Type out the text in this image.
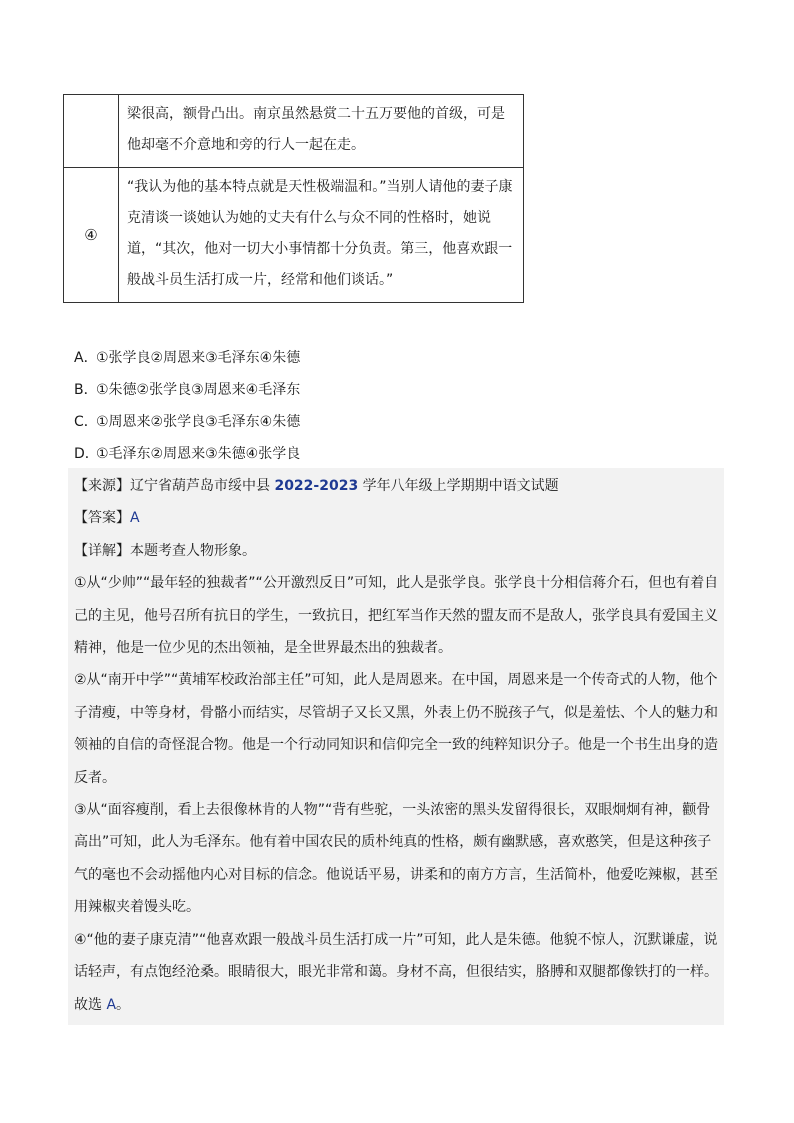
	梁很高，额骨凸出。南京虽然悬赏二十五万要他的首级，可是他却毫不介意地和旁的行人一起在走。
④	“我认为他的基本特点就是天性极端温和。”当别人请他的妻子康克清谈一谈她认为她的丈夫有什么与众不同的性格时，她说道，“其次，他对一切大小事情都十分负责。第三，他喜欢跟一般战斗员生活打成一片，经常和他们谈话。”
A．①张学良②周恩来③毛泽东④朱德
B．①朱德②张学良③周恩来④毛泽东
C．①周恩来②张学良③毛泽东④朱德
D．①毛泽东②周恩来③朱德④张学良

【来源】辽宁省葫芦岛市绥中县 2022-2023 学年八年级上学期期中语文试题

【答案】A

【详解】本题考查人物形象。

①从“少帅”“最年轻的独裁者”“公开激烈反日”可知，此人是张学良。张学良十分相信蒋介石，但也有着自己的主见，他号召所有抗日的学生，一致抗日，把红军当作天然的盟友而不是敌人，张学良具有爱国主义精神，他是一位少见的杰出领袖，是全世界最杰出的独裁者。

②从“南开中学”“黄埔军校政治部主任”可知，此人是周恩来。在中国，周恩来是一个传奇式的人物，他个子清瘦，中等身材，骨骼小而结实，尽管胡子又长又黑，外表上仍不脱孩子气，似是羞怯、个人的魅力和领袖的自信的奇怪混合物。他是一个行动同知识和信仰完全一致的纯粹知识分子。他是一个书生出身的造反者。

③从“面容瘦削，看上去很像林肯的人物”“背有些驼，一头浓密的黑头发留得很长，双眼炯炯有神，颧骨高出”可知，此人为毛泽东。他有着中国农民的质朴纯真的性格，颇有幽默感，喜欢憨笑，但是这种孩子气的毫也不会动摇他内心对目标的信念。他说话平易，讲柔和的南方方言，生活简朴，他爱吃辣椒，甚至用辣椒夹着馒头吃。

④“他的妻子康克清”“他喜欢跟一般战斗员生活打成一片”可知，此人是朱德。他貌不惊人，沉默谦虚，说话轻声，有点饱经沧桑。眼睛很大，眼光非常和蔼。身材不高，但很结实，胳膊和双腿都像铁打的一样。

故选 A。
